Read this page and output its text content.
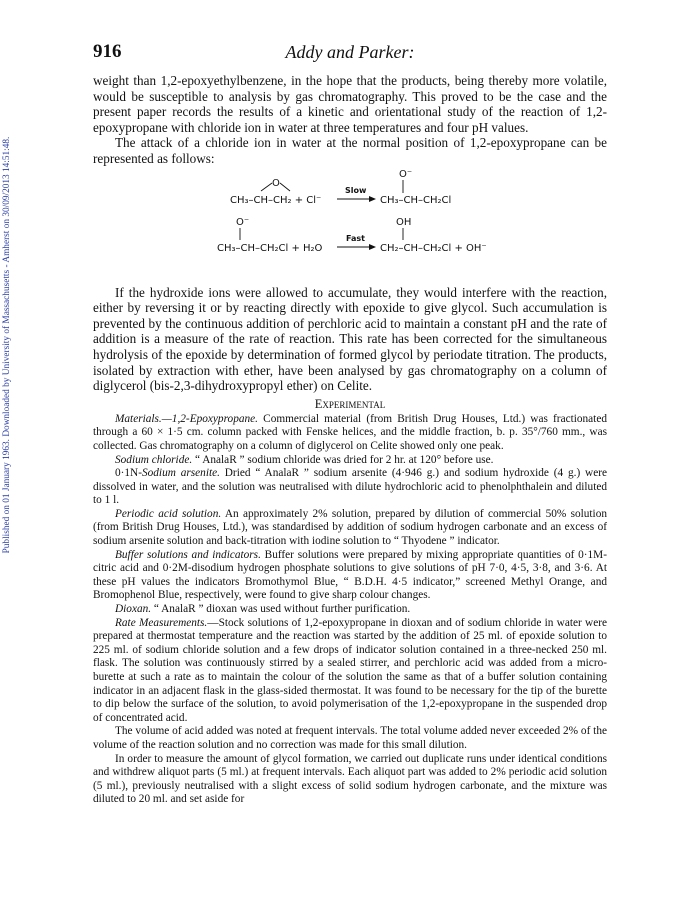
Published on 01 January 1963. Downloaded by University of Massachusetts - Amherst on 30/09/2013 14:51:48.
916	Addy and Parker:

weight than 1,2-epoxyethylbenzene, in the hope that the products, being thereby more volatile, would be susceptible to analysis by gas chromatography. This proved to be the case and the present paper records the results of a kinetic and orientational study of the reaction of 1,2-epoxypropane with chloride ion in water at three temperatures and four pH values.

The attack of a chloride ion in water at the normal position of 1,2-epoxypropane can be represented as follows:

O
CH₃–CH–CH₂ + Cl⁻
Slow
O⁻
CH₃–CH–CH₂Cl
O⁻
CH₃–CH–CH₂Cl + H₂O
Fast
OH
CH₂–CH–CH₂Cl + OH⁻

If the hydroxide ions were allowed to accumulate, they would interfere with the reaction, either by reversing it or by reacting directly with epoxide to give glycol. Such accumulation is prevented by the continuous addition of perchloric acid to maintain a constant pH and the rate of addition is a measure of the rate of reaction. This rate has been corrected for the simultaneous hydrolysis of the epoxide by determination of formed glycol by periodate titration. The products, isolated by extraction with ether, have been analysed by gas chromatography on a column of diglycerol (bis-2,3-dihydroxypropyl ether) on Celite.

Experimental

Materials.—1,2-Epoxypropane. Commercial material (from British Drug Houses, Ltd.) was fractionated through a 60 × 1·5 cm. column packed with Fenske helices, and the middle fraction, b. p. 35°/760 mm., was collected. Gas chromatography on a column of diglycerol on Celite showed only one peak.

Sodium chloride. “ AnalaR ” sodium chloride was dried for 2 hr. at 120° before use.

0·1N-Sodium arsenite. Dried “ AnalaR ” sodium arsenite (4·946 g.) and sodium hydroxide (4 g.) were dissolved in water, and the solution was neutralised with dilute hydrochloric acid to phenolphthalein and diluted to 1 l.

Periodic acid solution. An approximately 2% solution, prepared by dilution of commercial 50% solution (from British Drug Houses, Ltd.), was standardised by addition of sodium hydrogen carbonate and an excess of sodium arsenite solution and back-titration with iodine solution to “ Thyodene ” indicator.

Buffer solutions and indicators. Buffer solutions were prepared by mixing appropriate quantities of 0·1M-citric acid and 0·2M-disodium hydrogen phosphate solutions to give solutions of pH 7·0, 4·5, 3·8, and 3·6. At these pH values the indicators Bromothymol Blue, “ B.D.H. 4·5 indicator,” screened Methyl Orange, and Bromophenol Blue, respectively, were found to give sharp colour changes.

Dioxan. “ AnalaR ” dioxan was used without further purification.

Rate Measurements.—Stock solutions of 1,2-epoxypropane in dioxan and of sodium chloride in water were prepared at thermostat temperature and the reaction was started by the addition of 25 ml. of epoxide solution to 225 ml. of sodium chloride solution and a few drops of indicator solution contained in a three-necked 250 ml. flask. The solution was continuously stirred by a sealed stirrer, and perchloric acid was added from a micro-burette at such a rate as to maintain the colour of the solution the same as that of a buffer solution containing indicator in an adjacent flask in the glass-sided thermostat. It was found to be necessary for the tip of the burette to dip below the surface of the solution, to avoid polymerisation of the 1,2-epoxypropane in the suspended drop of concentrated acid.

The volume of acid added was noted at frequent intervals. The total volume added never exceeded 2% of the volume of the reaction solution and no correction was made for this small dilution.

In order to measure the amount of glycol formation, we carried out duplicate runs under identical conditions and withdrew aliquot parts (5 ml.) at frequent intervals. Each aliquot part was added to 2% periodic acid solution (5 ml.), previously neutralised with a slight excess of solid sodium hydrogen carbonate, and the mixture was diluted to 20 ml. and set aside for
